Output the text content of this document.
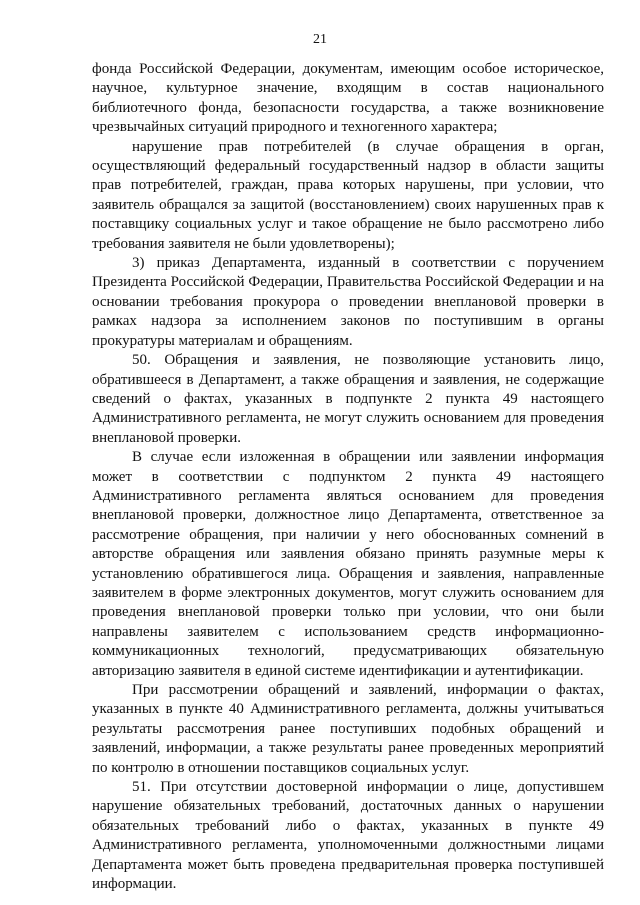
21

фонда Российской Федерации, документам, имеющим особое историческое, научное, культурное значение, входящим в состав национального библиотечного фонда, безопасности государства, а также возникновение чрезвычайных ситуаций природного и техногенного характера;

нарушение прав потребителей (в случае обращения в орган, осуществляющий федеральный государственный надзор в области защиты прав потребителей, граждан, права которых нарушены, при условии, что заявитель обращался за защитой (восстановлением) своих нарушенных прав к поставщику социальных услуг и такое обращение не было рассмотрено либо требования заявителя не были удовлетворены);

3) приказ Департамента, изданный в соответствии с поручением Президента Российской Федерации, Правительства Российской Федерации и на основании требования прокурора о проведении внеплановой проверки в рамках надзора за исполнением законов по поступившим в органы прокуратуры материалам и обращениям.

50. Обращения и заявления, не позволяющие установить лицо, обратившееся в Департамент, а также обращения и заявления, не содержащие сведений о фактах, указанных в подпункте 2 пункта 49 настоящего Административного регламента, не могут служить основанием для проведения внеплановой проверки.

В случае если изложенная в обращении или заявлении информация может в соответствии с подпунктом 2 пункта 49 настоящего Административного регламента являться основанием для проведения внеплановой проверки, должностное лицо Департамента, ответственное за рассмотрение обращения, при наличии у него обоснованных сомнений в авторстве обращения или заявления обязано принять разумные меры к установлению обратившегося лица. Обращения и заявления, направленные заявителем в форме электронных документов, могут служить основанием для проведения внеплановой проверки только при условии, что они были направлены заявителем с использованием средств информационно-коммуникационных технологий, предусматривающих обязательную авторизацию заявителя в единой системе идентификации и аутентификации.

При рассмотрении обращений и заявлений, информации о фактах, указанных в пункте 40 Административного регламента, должны учитываться результаты рассмотрения ранее поступивших подобных обращений и заявлений, информации, а также результаты ранее проведенных мероприятий по контролю в отношении поставщиков социальных услуг.

51. При отсутствии достоверной информации о лице, допустившем нарушение обязательных требований, достаточных данных о нарушении обязательных требований либо о фактах, указанных в пункте 49 Административного регламента, уполномоченными должностными лицами Департамента может быть проведена предварительная проверка поступившей информации.
